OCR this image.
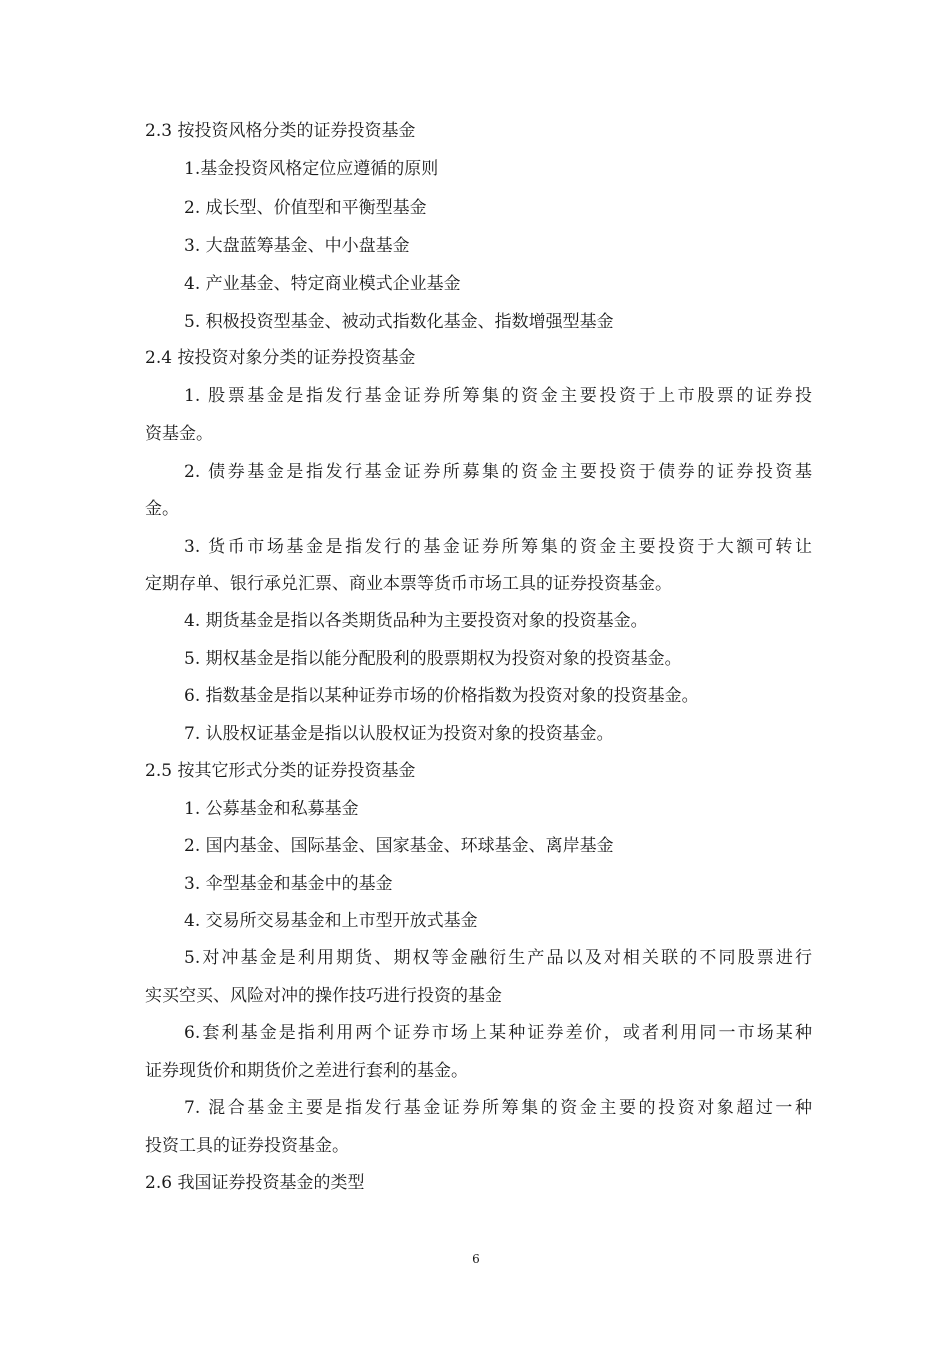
2.3 按投资风格分类的证券投资基金
1.基金投资风格定位应遵循的原则
2. 成长型、价值型和平衡型基金
3. 大盘蓝筹基金、中小盘基金
4. 产业基金、特定商业模式企业基金
5. 积极投资型基金、被动式指数化基金、指数增强型基金
2.4 按投资对象分类的证券投资基金
1. 股票基金是指发行基金证券所筹集的资金主要投资于上市股票的证券投
资基金。
2. 债券基金是指发行基金证券所募集的资金主要投资于债券的证券投资基
金。
3. 货币市场基金是指发行的基金证券所筹集的资金主要投资于大额可转让
定期存单、银行承兑汇票、商业本票等货币市场工具的证券投资基金。
4. 期货基金是指以各类期货品种为主要投资对象的投资基金。
5. 期权基金是指以能分配股利的股票期权为投资对象的投资基金。
6. 指数基金是指以某种证券市场的价格指数为投资对象的投资基金。
7. 认股权证基金是指以认股权证为投资对象的投资基金。
2.5 按其它形式分类的证券投资基金
1. 公募基金和私募基金
2. 国内基金、国际基金、国家基金、环球基金、离岸基金
3. 伞型基金和基金中的基金
4. 交易所交易基金和上市型开放式基金
5.对冲基金是利用期货、期权等金融衍生产品以及对相关联的不同股票进行
实买空买、风险对冲的操作技巧进行投资的基金
6.套利基金是指利用两个证券市场上某种证券差价，或者利用同一市场某种
证券现货价和期货价之差进行套利的基金。
7. 混合基金主要是指发行基金证券所筹集的资金主要的投资对象超过一种
投资工具的证券投资基金。
2.6 我国证券投资基金的类型
6
